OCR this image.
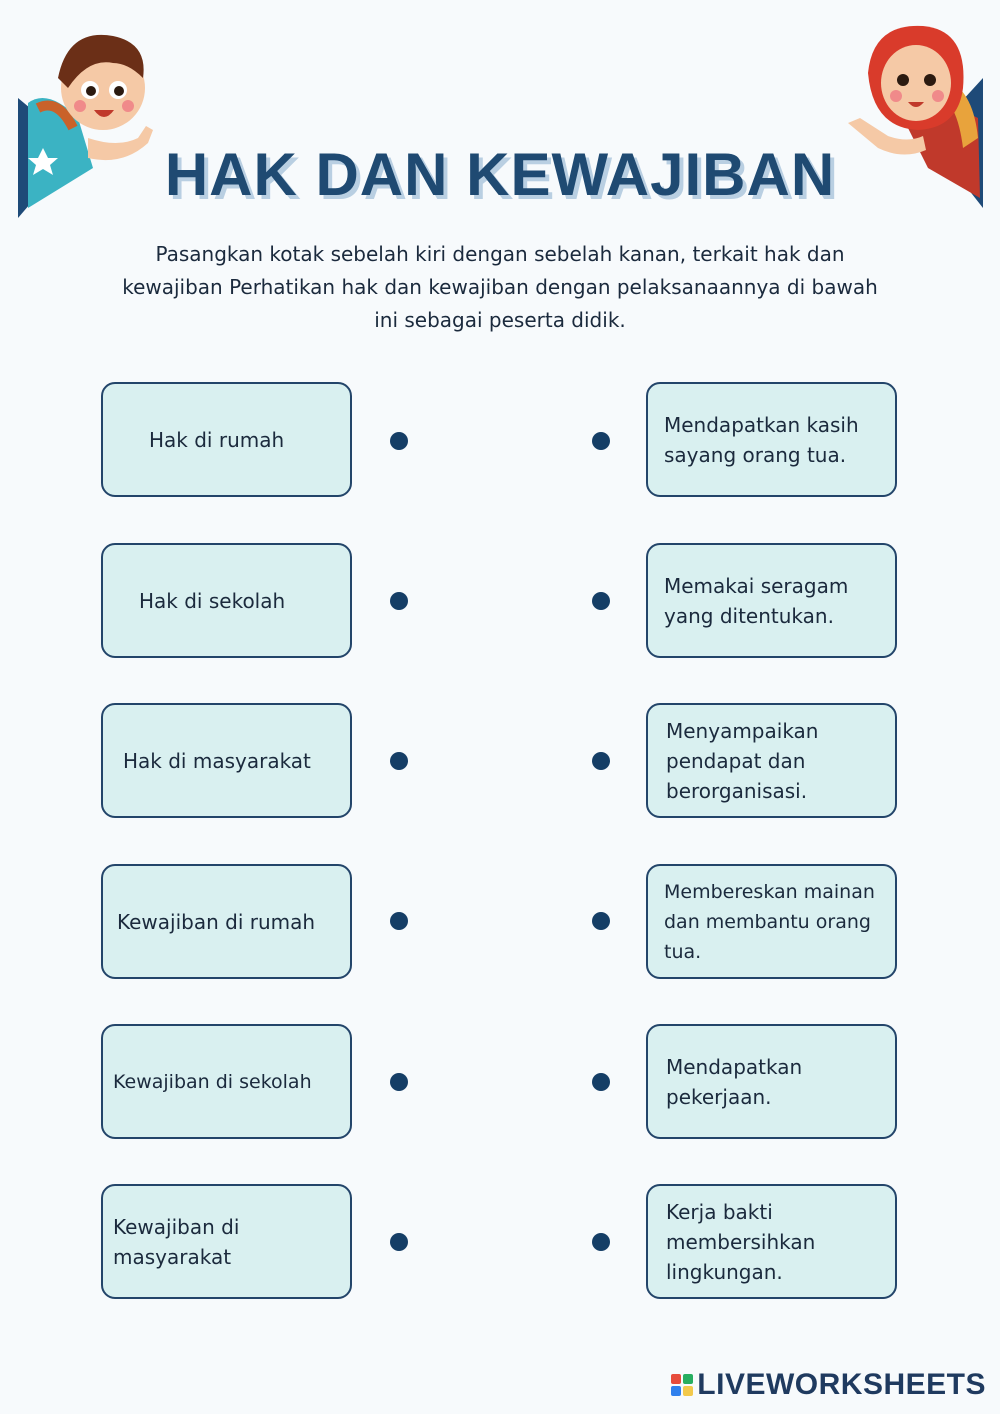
HAK DAN KEWAJIBAN
Pasangkan kotak sebelah kiri dengan sebelah kanan, terkait hak dan kewajiban Perhatikan hak dan kewajiban dengan pelaksanaannya di bawah ini sebagai peserta didik.
Hak di rumah
Mendapatkan kasih sayang orang tua.
Hak di sekolah
Memakai seragam yang ditentukan.
Hak di masyarakat
Menyampaikan pendapat dan berorganisasi.
Kewajiban di rumah
Membereskan mainan dan membantu orang tua.
Kewajiban di sekolah
Mendapatkan pekerjaan.
Kewajiban di masyarakat
Kerja bakti membersihkan lingkungan.
LIVEWORKSHEETS
